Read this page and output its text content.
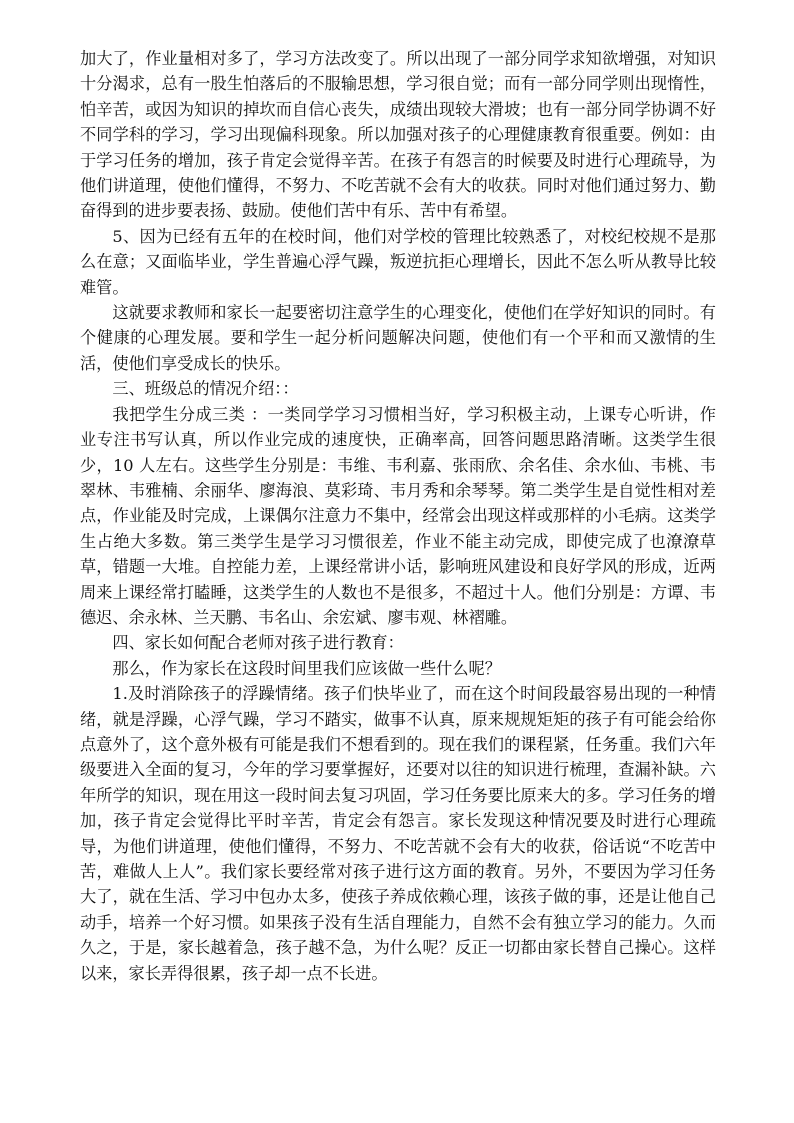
加大了，作业量相对多了，学习方法改变了。所以出现了一部分同学求知欲增强，对知识十分渴求，总有一股生怕落后的不服输思想，学习很自觉；而有一部分同学则出现惰性，怕辛苦，或因为知识的掉坎而自信心丧失，成绩出现较大滑坡；也有一部分同学协调不好不同学科的学习，学习出现偏科现象。所以加强对孩子的心理健康教育很重要。例如：由于学习任务的增加，孩子肯定会觉得辛苦。在孩子有怨言的时候要及时进行心理疏导，为他们讲道理，使他们懂得，不努力、不吃苦就不会有大的收获。同时对他们通过努力、勤奋得到的进步要表扬、鼓励。使他们苦中有乐、苦中有希望。

5、因为已经有五年的在校时间，他们对学校的管理比较熟悉了，对校纪校规不是那么在意；又面临毕业，学生普遍心浮气躁，叛逆抗拒心理增长，因此不怎么听从教导比较难管。

这就要求教师和家长一起要密切注意学生的心理变化，使他们在学好知识的同时。有个健康的心理发展。要和学生一起分析问题解决问题，使他们有一个平和而又激情的生活，使他们享受成长的快乐。

三、班级总的情况介绍：：

我把学生分成三类 ：一类同学学习习惯相当好，学习积极主动，上课专心听讲，作业专注书写认真，所以作业完成的速度快，正确率高，回答问题思路清晰。这类学生很少，10 人左右。这些学生分别是：韦维、韦利嘉、张雨欣、余名佳、余水仙、韦桃、韦翠林、韦雅楠、余丽华、廖海浪、莫彩琦、韦月秀和余琴琴。第二类学生是自觉性相对差点，作业能及时完成，上课偶尔注意力不集中，经常会出现这样或那样的小毛病。这类学生占绝大多数。第三类学生是学习习惯很差，作业不能主动完成，即使完成了也潦潦草草，错题一大堆。自控能力差，上课经常讲小话，影响班风建设和良好学风的形成，近两周来上课经常打瞌睡，这类学生的人数也不是很多，不超过十人。他们分别是：方谭、韦德迟、余永林、兰天鹏、韦名山、余宏斌、廖韦观、林褶雕。

四、家长如何配合老师对孩子进行教育：

那么，作为家长在这段时间里我们应该做一些什么呢？

1.及时消除孩子的浮躁情绪。孩子们快毕业了，而在这个时间段最容易出现的一种情绪，就是浮躁，心浮气躁，学习不踏实，做事不认真，原来规规矩矩的孩子有可能会给你点意外了，这个意外极有可能是我们不想看到的。现在我们的课程紧，任务重。我们六年级要进入全面的复习，今年的学习要掌握好，还要对以往的知识进行梳理，查漏补缺。六年所学的知识，现在用这一段时间去复习巩固，学习任务要比原来大的多。学习任务的增加，孩子肯定会觉得比平时辛苦，肯定会有怨言。家长发现这种情况要及时进行心理疏导，为他们讲道理，使他们懂得，不努力、不吃苦就不会有大的收获，俗话说“不吃苦中苦，难做人上人”。我们家长要经常对孩子进行这方面的教育。另外，不要因为学习任务大了，就在生活、学习中包办太多，使孩子养成依赖心理，该孩子做的事，还是让他自己动手，培养一个好习惯。如果孩子没有生活自理能力，自然不会有独立学习的能力。久而久之，于是，家长越着急，孩子越不急，为什么呢？反正一切都由家长替自己操心。这样以来，家长弄得很累，孩子却一点不长进。
